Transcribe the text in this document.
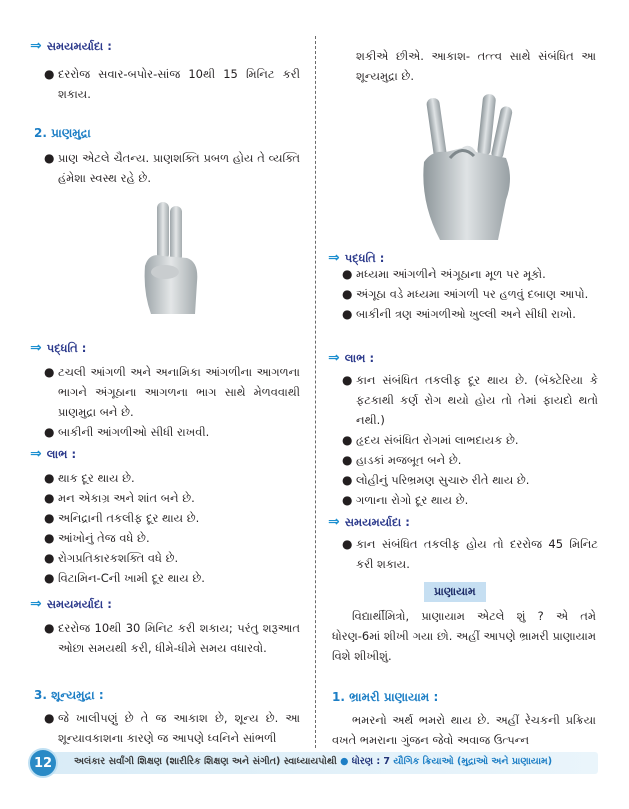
⇒ સમયમર્યાદા :
● દરરોજ સવાર-બપોર-સાંજ 10થી 15 મિનિટ કરી શકાય.
2. પ્રાણમુદ્રા
● પ્રાણ એટલે ચૈતન્ય. પ્રાણશક્તિ પ્રબળ હોય તે વ્યક્તિ હંમેશા સ્વસ્થ રહે છે.
⇒ પદ્ધતિ :
● ટચલી આંગળી અને અનામિકા આંગળીના આગળના ભાગને અંગૂઠાના આગળના ભાગ સાથે મેળવવાથી પ્રાણમુદ્રા બને છે.
● બાકીની આંગળીઓ સીધી રાખવી.
⇒ લાભ :
● થાક દૂર થાય છે.
● મન એકાગ્ર અને શાંત બને છે.
● અનિદ્રાની તકલીફ દૂર થાય છે.
● આંખોનું તેજ વધે છે.
● રોગપ્રતિકારકશક્તિ વધે છે.
● વિટામિન-Cની ખામી દૂર થાય છે.
⇒ સમયમર્યાદા :
● દરરોજ 10થી 30 મિનિટ કરી શકાય; પરંતુ શરૂઆત ઓછા સમયથી કરી, ધીમે-ધીમે સમય વધારવો.
3. શૂન્યમુદ્રા :
● જે ખાલીપણું છે તે જ આકાશ છે, શૂન્ય છે. આ શૂન્યાવકાશના કારણે જ આપણે ધ્વનિને સાંભળી
શકીએ છીએ. આકાશ- તત્ત્વ સાથે સંબંધિત આ શૂન્યમુદ્રા છે.
⇒ પદ્ધતિ :
● મધ્યમા આંગળીને અંગૂઠાના મૂળ પર મૂકો.
● અંગૂઠા વડે મધ્યમા આંગળી પર હળવું દબાણ આપો.
● બાકીની ત્રણ આંગળીઓ ખુલ્લી અને સીધી રાખો.
⇒ લાભ :
● કાન સંબંધિત તકલીફ દૂર થાય છે. (બૅક્ટેરિયા કે ફટકાથી કર્ણ રોગ થયો હોય તો તેમાં ફાયદો થતો નથી.)
● હૃદય સંબંધિત રોગમાં લાભદાયક છે.
● હાડકાં મજબૂત બને છે.
● લોહીનું પરિભ્રમણ સુચારુ રીતે થાય છે.
● ગળાના રોગો દૂર થાય છે.
⇒ સમયમર્યાદા :
● કાન સંબંધિત તકલીફ હોય તો દરરોજ 45 મિનિટ કરી શકાય.
પ્રાણાયામ
વિદ્યાર્થીમિત્રો, પ્રાણાયામ એટલે શું ? એ તમે ધોરણ-6માં શીખી ગયા છો. અહીં આપણે ભ્રામરી પ્રાણાયામ વિશે શીખીશું.
1. ભ્રામરી પ્રાણાયામ :
ભમરનો અર્થ ભમરો થાય છે. અહીં રેચકની પ્રક્રિયા વખતે ભમરાના ગુંજન જેવો અવાજ ઉત્પન્ન
12	અલંકાર સર્વાંગી શિક્ષણ (શારીરિક શિક્ષણ અને સંગીત) સ્વાધ્યાયપોથી ● ધોરણ : 7 યૌગિક ક્રિયાઓ (મુદ્રાઓ અને પ્રાણાયામ)
